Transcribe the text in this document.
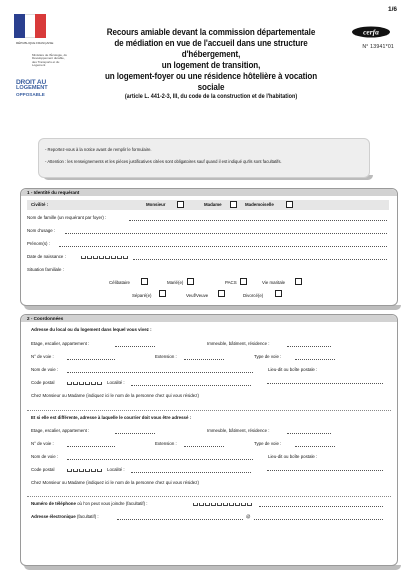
1/6
RÉPUBLIQUE FRANÇAISE
Ministère de l'Écologie, du Développement durable, des Transports et du Logement
DROIT AU
LOGEMENT
OPPOSABLE
Recours amiable devant la commission départementale
de médiation en vue de l'accueil dans une structure d'hébergement,
un logement de transition,
un logement-foyer ou une résidence hôtelière à vocation sociale
(article L. 441-2-3, III, du code de la construction et de l'habitation)
cerfa
N° 13941*01
- Reportez-vous à la notice avant de remplir le formulaire.
- Attention : les renseignements et les pièces justificatives citées sont obligatoires sauf quand il est indiqué qu'ils sont facultatifs.
1 - Identité du requérant
Civilité :	Monsieur	Madame	Mademoiselle
Nom de famille (un requérant par foyer) :
Nom d'usage :
Prénom(s) :
Date de naissance :
Situation familiale :
Célibataire	Marié(e)	PACS	Vie maritale
Séparé(e)	Veuf/Veuve	Divorcé(e)
2 - Coordonnées
Adresse du local ou du logement dans lequel vous vivez :
Etage, escalier, appartement :	Immeuble, bâtiment, résidence :
N° de voie :	Extension :	Type de voie :
Nom de voie :	Lieu-dit ou boîte postale :
Code postal	Localité :
Chez Monsieur ou Madame (indiquez ici le nom de la personne chez qui vous résidez)
Et si elle est différente, adresse à laquelle le courrier doit vous être adressé :
Etage, escalier, appartement :	Immeuble, bâtiment, résidence :
N° de voie :	Extension :	Type de voie :
Nom de voie :	Lieu-dit ou boîte postale :
Code postal	Localité :
Chez Monsieur ou Madame (indiquez ici le nom de la personne chez qui vous résidez)
Numéro de téléphone où l'on peut vous joindre (facultatif) :
Adresse électronique (facultatif) :	@
